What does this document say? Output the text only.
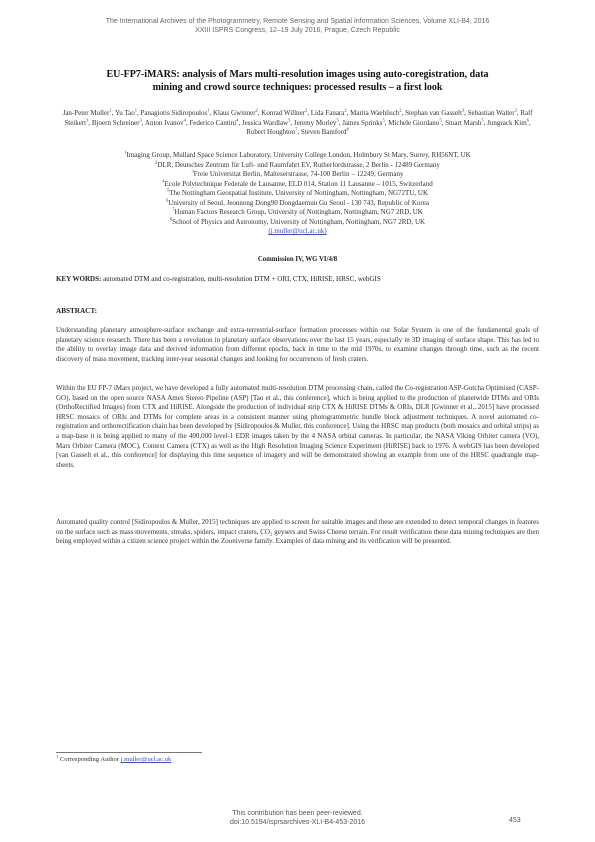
The International Archives of the Photogrammetry, Remote Sensing and Spatial Information Sciences, Volume XLI-B4, 2016
XXIII ISPRS Congress, 12–19 July 2016, Prague, Czech Republic
EU-FP7-iMARS: analysis of Mars multi-resolution images using auto-coregistration, data
mining and crowd source techniques: processed results – a first look
Jan-Peter Muller$^1$, Yu Tao$^1$, Panagiotis Sidiropoulos$^1$, Klaus Gwinner$^2$, Konrad Willner$^2$, Lida Fanara$^2$, Marita Waehlisch$^2$, Stephan van Gasselt$^3$, Sebastian Walter$^3$, Ralf Steikert$^3$, Bjoern Schreiner$^3$, Anton Ivanov$^4$, Federico Cantini$^4$, Jessica Wardlaw$^5$, Jeremy Morley$^5$, James Sprinks$^5$, Michele Giordano$^5$, Stuart Marsh$^5$, Jungrack Kim$^6$, Robert Houghton$^7$, Steven Bamford$^8$
$^1$Imaging Group, Mullard Space Science Laboratory, University College London, Holmbury St Mary, Surrey, RH56NT, UK
$^2$DLR, Deutsches Zentrum für Luft- und Raumfahrt EV, Rutherfordstrasse, 2 Berlin - 12489 Germany
$^3$Freie Universitat Berlin, Malteserstrasse, 74-100 Berlin – 12249, Germany
$^4$Ecole Polytechnique Federale de Lausanne, ELD 014, Station 11 Lausanne – 1015, Switzerland
$^5$The Nottingham Geospatial Institute, University of Nottingham, Nottingham, NG72TU, UK
$^6$University of Seoul, Jeonnong Dong90 Dongdaemun Gu Seoul - 130 743, Republic of Korea
$^7$Human Factors Research Group, University of Nottingham, Nottingham, NG7 2RD, UK
$^8$School of Physics and Astronomy, University of Nottingham, Nottingham, NG7 2RD, UK
(j.muller@ucl.ac.uk)
Commission IV, WG VI/4/8
KEY WORDS: automated DTM and co-registration, multi-resolution DTM + ORI, CTX, HiRISE, HRSC, webGIS
ABSTRACT:
Understanding planetary atmosphere-surface exchange and extra-terrestrial-surface formation processes within our Solar System is one of the fundamental goals of planetary science research. There has been a revolution in planetary surface observations over the last 15 years, especially in 3D imaging of surface shape. This has led to the ability to overlay image data and derived information from different epochs, back in time to the mid 1970s, to examine changes through time, such as the recent discovery of mass movement, tracking inter-year seasonal changes and looking for occurrences of fresh craters.
Within the EU FP-7 iMars project, we have developed a fully automated multi-resolution DTM processing chain, called the Co-registration ASP-Gotcha Optimised (CASP-GO), based on the open source NASA Ames Stereo Pipeline (ASP) [Tao et al., this conference], which is being applied to the production of planetwide DTMs and ORIs (OrthoRectified Images) from CTX and HiRISE. Alongside the production of individual strip CTX & HiRISE DTMs & ORIs, DLR [Gwinner et al., 2015] have processed HRSC mosaics of ORIs and DTMs for complete areas in a consistent manner using photogrammetric bundle block adjustment techniques. A novel automated co-registration and orthorectification chain has been developed by [Sidiropoulos & Muller, this conference]. Using the HRSC map products (both mosaics and orbital strips) as a map-base it is being applied to many of the 400,000 level-1 EDR images taken by the 4 NASA orbital cameras. In particular, the NASA Viking Orbiter camera (VO), Mars Orbiter Camera (MOC), Context Camera (CTX) as well as the High Resolution Imaging Science Experiment (HiRISE) back to 1976. A webGIS has been developed [van Gasselt et al., this conference] for displaying this time sequence of imagery and will be demonstrated showing an example from one of the HRSC quadrangle map-sheets.
Automated quality control [Sidiropoulos & Muller, 2015] techniques are applied to screen for suitable images and these are extended to detect temporal changes in features on the surface such as mass movements, streaks, spiders, impact craters, CO₂ geysers and Swiss Cheese terrain. For result verification these data mining techniques are then being employed within a citizen science project within the Zooniverse family. Examples of data mining and its verification will be presented.
$^1$ Corresponding Author j.muller@ucl.ac.uk
This contribution has been peer-reviewed.
doi:10.5194/isprsarchives-XLI-B4-453-2016	453
